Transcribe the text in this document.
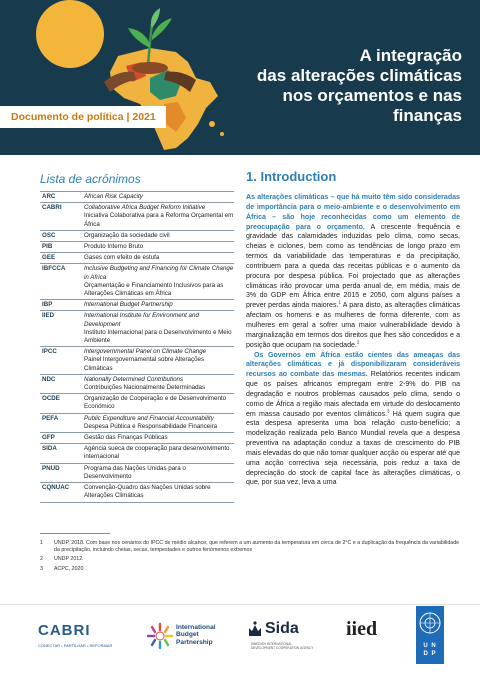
A integração
das alterações climáticas
nos orçamentos e nas
finanças
Documento de política | 2021
Lista de acrónimos
ARC	African Risk Capacity
CABRI	Collaborative Africa Budget Reform Initiative
Iniciativa Colaborativa para a Reforma Orçamental em África
OSC	Organização da sociedade civil
PIB	Produto Interno Bruto
GEE	Gases com efeito de estufa
IBFCCA	Inclusive Budgeting and Financing for Climate Change in Africa
Orçamentação e Financiamento Inclusivos para as Alterações Climáticas em África
IBP	International Budget Partnership
IIED	International Institute for Environment and Development
Instituto Internacional para o Desenvolvimento e Meio Ambiente
IPCC	Intergovernmental Panel on Climate Change
Painel Intergovernamental sobre Alterações Climáticas
NDC	Nationally Determined Contributions
Contribuições Nacionalmente Determinadas
OCDE	Organização de Cooperação e de Desenvolvimento Económico
PEFA	Public Expenditure and Financial Accountability
Despesa Pública e Responsabilidade Financeira
GFP	Gestão das Finanças Públicas
SIDA	Agência sueca de cooperação para desenvolvimento internacional
PNUD	Programa das Nações Unidas para o Desenvolvimento
CQNUAC	Convenção-Quadro das Nações Unidas sobre Alterações Climáticas
1. Introduction

As alterações climáticas – que há muito têm sido consideradas de importância para o meio-ambiente e o desenvolvimento em África – são hoje reconhecidas como um elemento de preocupação para o orçamento. A crescente frequência e gravidade das calamidades induzidas pelo clima, como secas, cheias e ciclones, bem como as tendências de longo prazo em termos da variabilidade das temperaturas e da precipitação, contribuem para a queda das receitas públicas e o aumento da procura por despesa pública. Foi projectado que as alterações climáticas irão provocar uma perda anual de, em média, mais de 3% do GDP em África entre 2015 e 2050, com alguns países a prever perdas ainda maiores.$^1$ A para disto, as alterações climáticas afectam os homens e as mulheres de forma diferente, com as mulheres em geral a sofrer uma maior vulnerabilidade devido à marginalização em termos dos direitos que lhes são concedidos e a posição que ocupam na sociedade.$^2$

Os Governos em África estão cientes das ameaças das alterações climáticas e já disponibilizaram consideráveis recursos ao combate das mesmas. Relatórios recentes indicam que os países africanos empregam entre 2-9% do PIB na degradação e noutros problemas causados pelo clima, sendo o corno de África a região mais afectada em virtude do deslocamento em massa causado por eventos climáticos.$^3$ Há quem sugira que esta despesa apresenta uma boa relação custo-benefício; a modelização realizada pelo Banco Mundial revela que a despesa preventiva na adaptação conduz a taxas de crescimento do PIB mais elevadas do que não tomar qualquer acção ou esperar até que uma acção correctiva seja necessária, pois reduz a taxa de depreciação do stock de capital face às alterações climáticas, o que, por sua vez, leva a uma

1	UNDP, 2018. Com base nos cenários do IPCC de médio alcance, que referem a um aumento da temperatura em cerca de 2°C e a duplicação da frequência da variabilidade da precipitação, incluindo cheias, secas, tempestades e outros fenómenos extremos
2	UNDP 2012.
3	ACPC, 2020
CABRI
CONECTAR • PARTILHAR • REFORMAR
International
Budget
Partnership
Sida
SWEDISH INTERNATIONAL DEVELOPMENT COOPERATION AGENCY
iied
U N
D P
